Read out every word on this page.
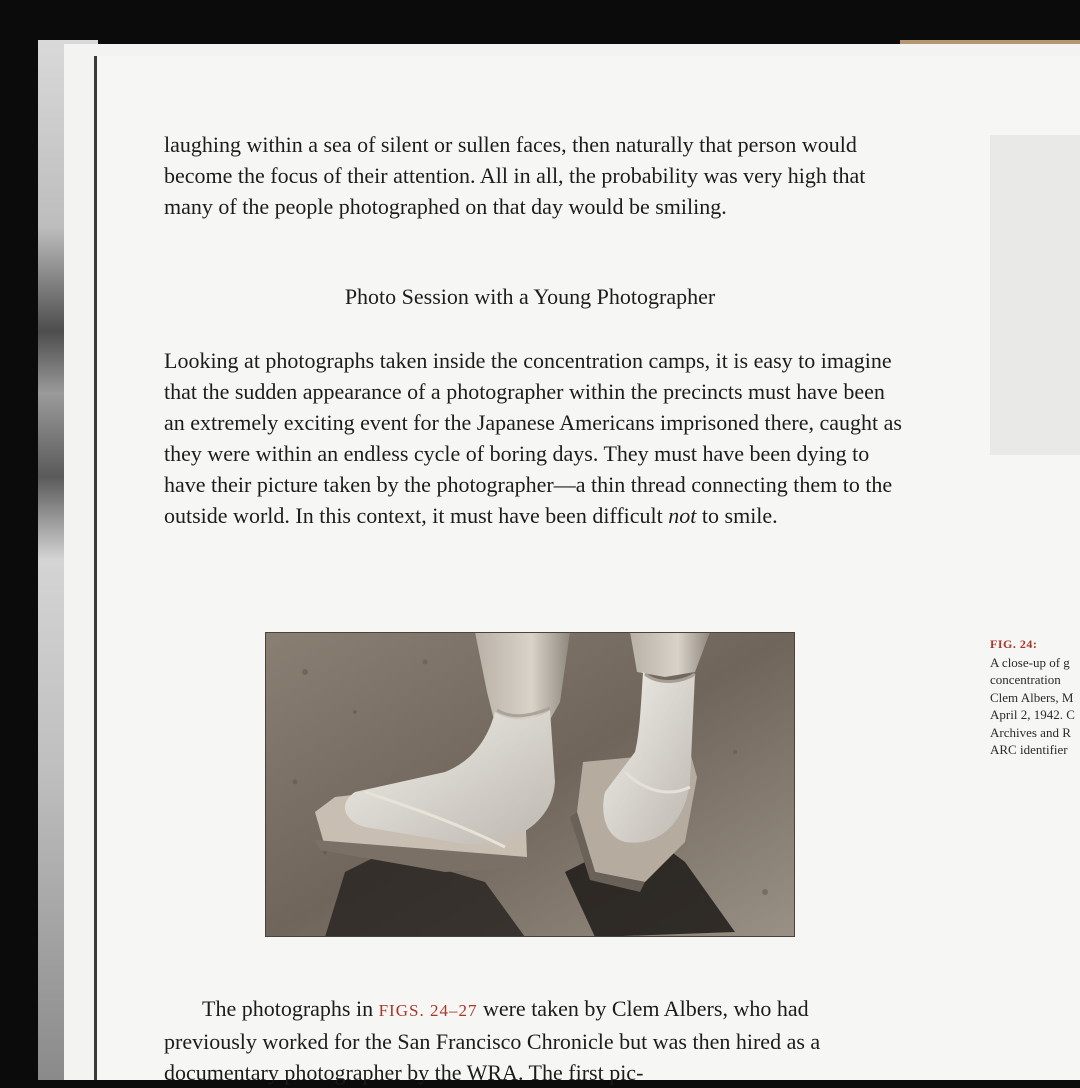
laughing within a sea of silent or sullen faces, then naturally that person would become the focus of their attention. All in all, the probability was very high that many of the people photographed on that day would be smiling.
Photo Session with a Young Photographer
Looking at photographs taken inside the concentration camps, it is easy to imagine that the sudden appearance of a photographer within the precincts must have been an extremely exciting event for the Japanese Americans imprisoned there, caught as they were within an endless cycle of boring days. They must have been dying to have their picture taken by the photographer—a thin thread connecting them to the outside world. In this context, it must have been difficult not to smile.
The photographs in FIGS. 24–27 were taken by Clem Albers, who had previously worked for the San Francisco Chronicle but was then hired as a documentary photographer by the WRA. The first pic-
FIG. 24:
A close-up of g
concentration
Clem Albers, M
April 2, 1942. C
Archives and R
ARC identifier
